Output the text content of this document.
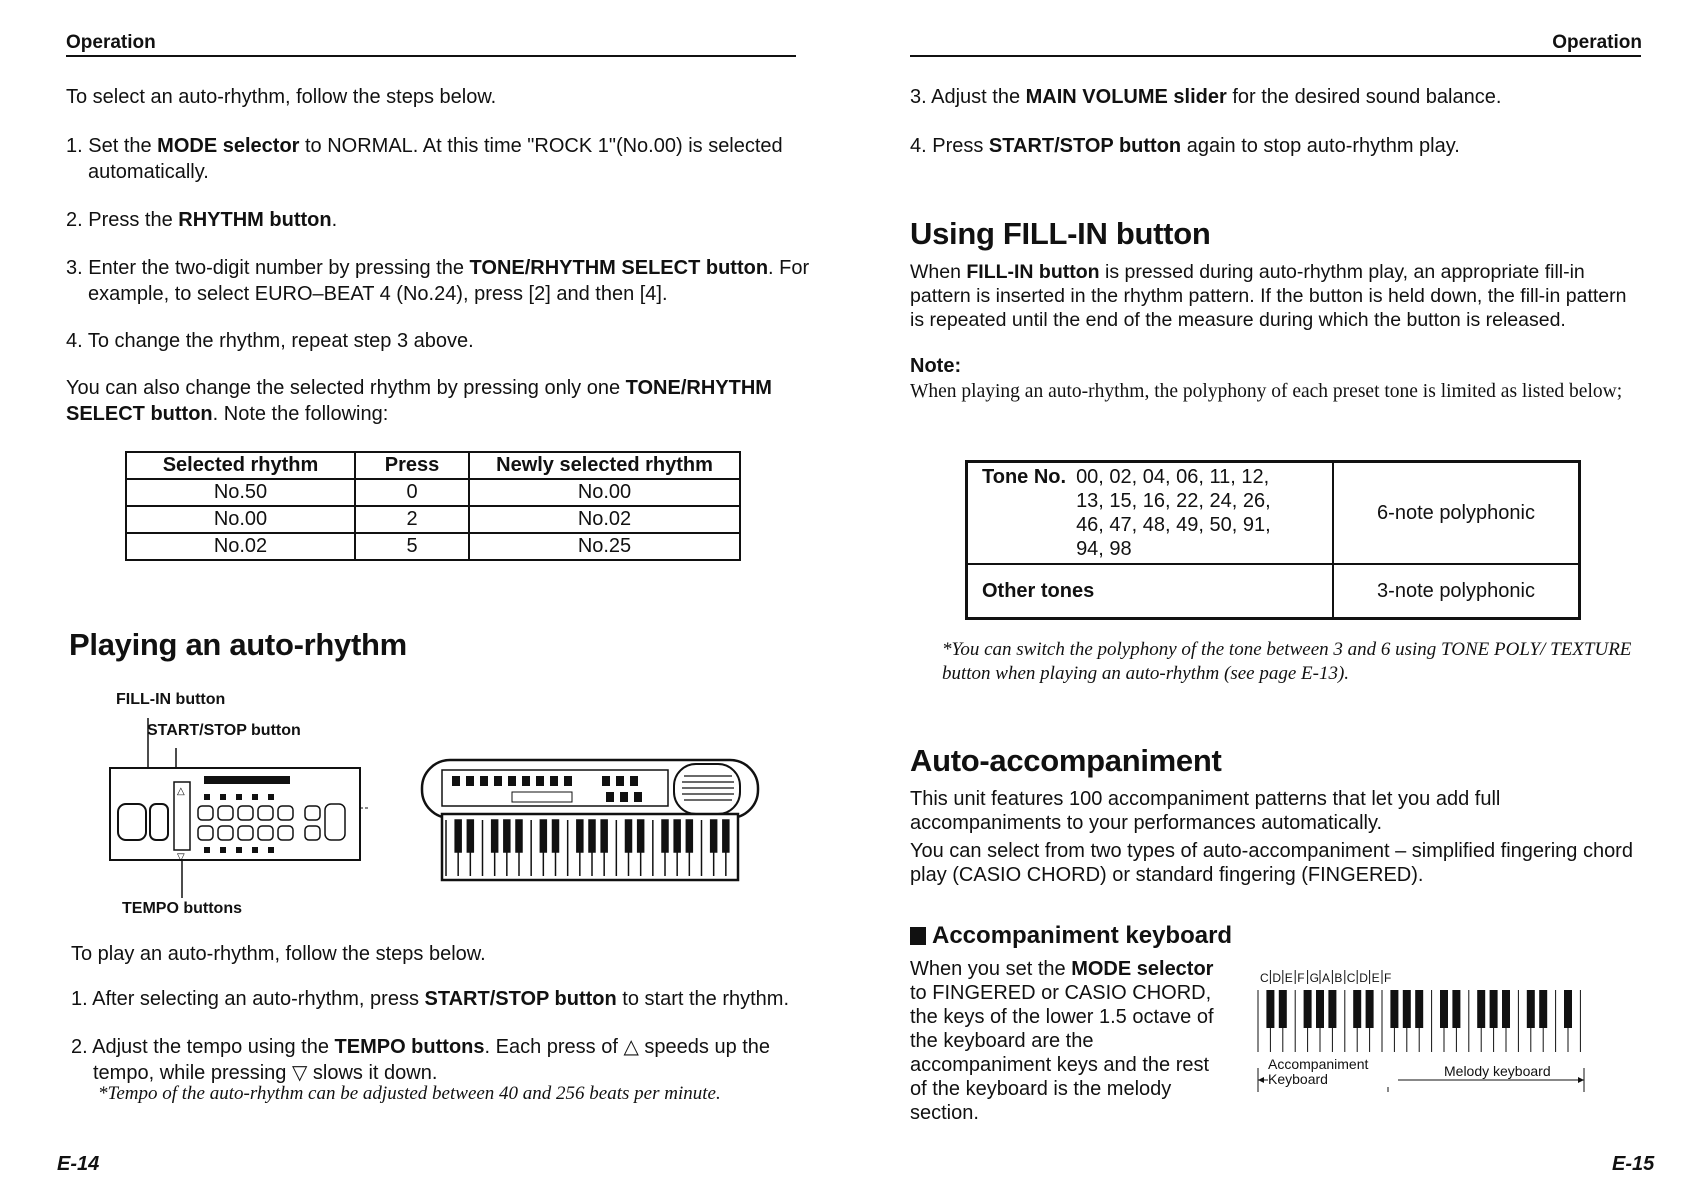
Operation
To select an auto-rhythm, follow the steps below.
1. Set the MODE selector to NORMAL. At this time "ROCK 1"(No.00) is selected automatically.
2. Press the RHYTHM button.
3. Enter the two-digit number by pressing the TONE/RHYTHM SELECT button. For example, to select EURO–BEAT 4 (No.24), press [2] and then [4].
4. To change the rhythm, repeat step 3 above.
You can also change the selected rhythm by pressing only one TONE/RHYTHM SELECT button. Note the following:
Selected rhythm	Press	Newly selected rhythm
No.50	0	No.00
No.00	2	No.02
No.02	5	No.25
Playing an auto-rhythm
FILL-IN button
START/STOP button
TEMPO buttons
△
▽
To play an auto-rhythm, follow the steps below.
1. After selecting an auto-rhythm, press START/STOP button to start the rhythm.
2. Adjust the tempo using the TEMPO buttons. Each press of △ speeds up the tempo, while pressing ▽ slows it down.
*Tempo of the auto-rhythm can be adjusted between 40 and 256 beats per minute.
E-14
Operation
3. Adjust the MAIN VOLUME slider for the desired sound balance.
4. Press START/STOP button again to stop auto-rhythm play.
Using FILL-IN button
When FILL-IN button is pressed during auto-rhythm play, an appropriate fill-in pattern is inserted in the rhythm pattern. If the button is held down, the fill-in pattern is repeated until the end of the measure during which the button is released.
Note:
When playing an auto-rhythm, the polyphony of each preset tone is limited as listed below;
Tone No. 00, 02, 04, 06, 11, 12, 13, 15, 16, 22, 24, 26, 46, 47, 48, 49, 50, 91, 94, 98	6-note polyphonic
Other tones	3-note polyphonic
*You can switch the polyphony of the tone between 3 and 6 using TONE POLY/ TEXTURE button when playing an auto-rhythm (see page E-13).
Auto-accompaniment
This unit features 100 accompaniment patterns that let you add full accompaniments to your performances automatically.
You can select from two types of auto-accompaniment – simplified fingering chord play (CASIO CHORD) or standard fingering (FINGERED).
Accompaniment keyboard
When you set the MODE selector to FINGERED or CASIO CHORD, the keys of the lower 1.5 octave of the keyboard are the accompaniment keys and the rest of the keyboard is the melody section.
C D E F G A B C D E F
Accompaniment Keyboard	Melody keyboard
E-15
